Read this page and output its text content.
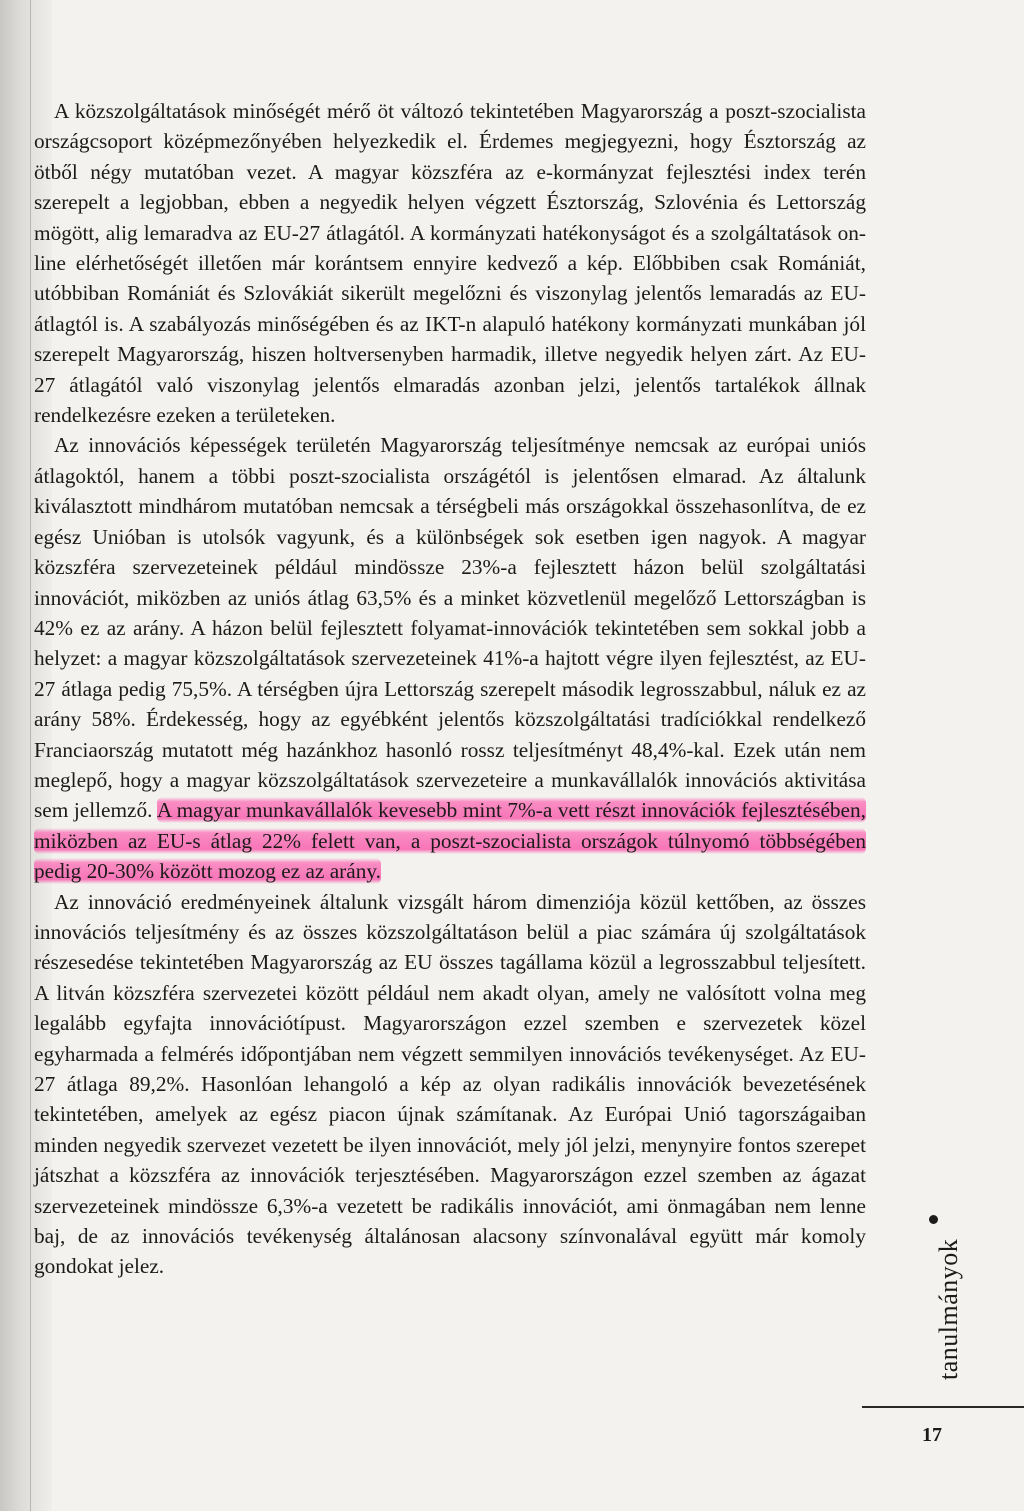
A közszolgáltatások minőségét mérő öt változó tekintetében Magyarország a poszt-szocialista országcsoport középmezőnyében helyezkedik el. Érdemes megjegyezni, hogy Észtország az ötből négy mutatóban vezet. A magyar közszféra az e-kormányzat fejlesztési index terén szerepelt a legjobban, ebben a negyedik helyen végzett Észtország, Szlovénia és Lettország mögött, alig lemaradva az EU-27 átlagától. A kormányzati hatékonyságot és a szolgáltatások on-line elérhetőségét illetően már korántsem ennyire kedvező a kép. Előbbiben csak Romániát, utóbbiban Romániát és Szlovákiát sikerült megelőzni és viszonylag jelentős lemaradás az EU-átlagtól is. A szabályozás minőségében és az IKT-n alapuló hatékony kormányzati munkában jól szerepelt Magyarország, hiszen holtversenyben harmadik, illetve negyedik helyen zárt. Az EU-27 átlagától való viszonylag jelentős elmaradás azonban jelzi, jelentős tartalékok állnak rendelkezésre ezeken a területeken.

Az innovációs képességek területén Magyarország teljesítménye nemcsak az európai uniós átlagoktól, hanem a többi poszt-szocialista országétól is jelentősen elmarad. Az általunk kiválasztott mindhárom mutatóban nemcsak a térségbeli más országokkal összehasonlítva, de ez egész Unióban is utolsók vagyunk, és a különbségek sok esetben igen nagyok. A magyar közszféra szervezeteinek például mindössze 23%-a fejlesztett házon belül szolgáltatási innovációt, miközben az uniós átlag 63,5% és a minket közvetlenül megelőző Lettországban is 42% ez az arány. A házon belül fejlesztett folyamat-innovációk tekintetében sem sokkal jobb a helyzet: a magyar közszolgáltatások szervezeteinek 41%-a hajtott végre ilyen fejlesztést, az EU-27 átlaga pedig 75,5%. A térségben újra Lettország szerepelt második legrosszabbul, náluk ez az arány 58%. Érdekesség, hogy az egyébként jelentős közszolgáltatási tradíciókkal rendelkező Franciaország mutatott még hazánkhoz hasonló rossz teljesítményt 48,4%-kal. Ezek után nem meglepő, hogy a magyar közszolgáltatások szervezeteire a munkavállalók innovációs aktivitása sem jellemző. A magyar munkavállalók kevesebb mint 7%-a vett részt innovációk fejlesztésében, miközben az EU-s átlag 22% felett van, a poszt-szocialista országok túlnyomó többségében pedig 20-30% között mozog ez az arány.

Az innováció eredményeinek általunk vizsgált három dimenziója közül kettőben, az összes innovációs teljesítmény és az összes közszolgáltatáson belül a piac számára új szolgáltatások részesedése tekintetében Magyarország az EU összes tagállama közül a legrosszabbul teljesített. A litván közszféra szervezetei között például nem akadt olyan, amely ne valósított volna meg legalább egyfajta innovációtípust. Magyarországon ezzel szemben e szervezetek közel egyharmada a felmérés időpontjában nem végzett semmilyen innovációs tevékenységet. Az EU-27 átlaga 89,2%. Hasonlóan lehangoló a kép az olyan radikális innovációk bevezetésének tekintetében, amelyek az egész piacon újnak számítanak. Az Európai Unió tagországaiban minden negyedik szervezet vezetett be ilyen innovációt, mely jól jelzi, menynyire fontos szerepet játszhat a közszféra az innovációk terjesztésében. Magyarországon ezzel szemben az ágazat szervezeteinek mindössze 6,3%-a vezetett be radikális innovációt, ami önmagában nem lenne baj, de az innovációs tevékenység általánosan alacsony színvonalával együtt már komoly gondokat jelez.	tanulmányok
17
